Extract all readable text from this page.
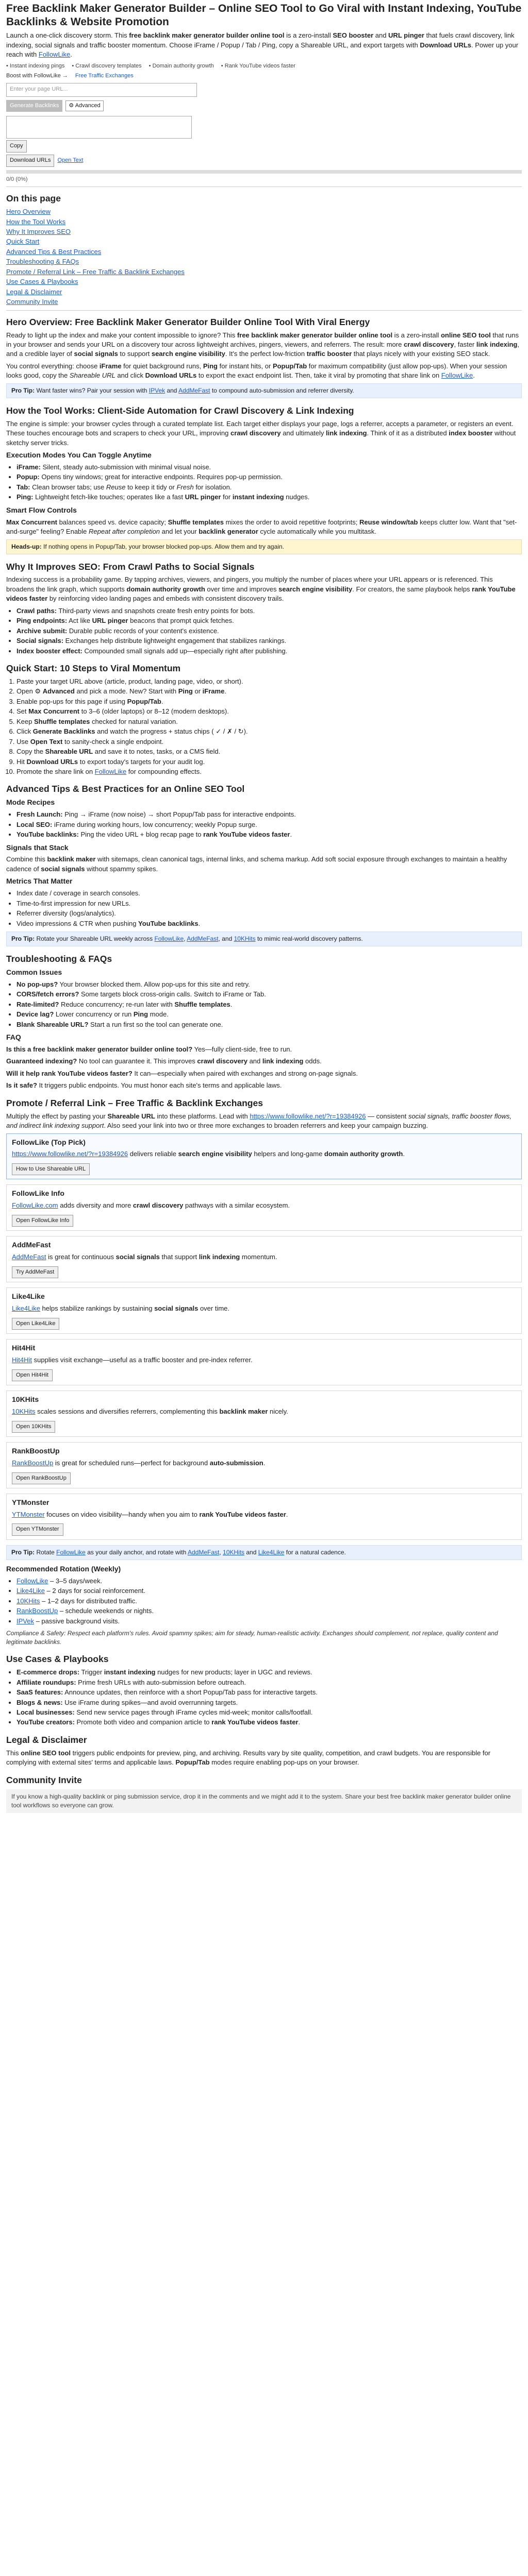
Free Backlink Maker Generator Builder – Online SEO Tool to Go Viral with Instant Indexing, YouTube Backlinks & Website Promotion

Launch a one-click discovery storm. This free backlink maker generator builder online tool is a zero-install SEO booster and URL pinger that fuels crawl discovery, link indexing, social signals and traffic booster momentum. Choose iFrame / Popup / Tab / Ping, copy a Shareable URL, and export targets with Download URLs. Power up your reach with FollowLike.

• Instant indexing pings • Crawl discovery templates • Domain authority growth • Rank YouTube videos faster
Boost with FollowLike → Free Traffic Exchanges
Enter your page URL...
Generate Backlinks	⚙ Advanced
Copy
Download URLs	Open Text
0/0 (0%)
On this page
Hero Overview
How the Tool Works
Why It Improves SEO
Quick Start
Advanced Tips & Best Practices
Troubleshooting & FAQs
Promote / Referral Link – Free Traffic & Backlink Exchanges
Use Cases & Playbooks
Legal & Disclaimer
Community Invite
Hero Overview: Free Backlink Maker Generator Builder Online Tool With Viral Energy

Ready to light up the index and make your content impossible to ignore? This free backlink maker generator builder online tool is a zero-install online SEO tool that runs in your browser and sends your URL on a discovery tour across lightweight archives, pingers, viewers, and referrers. The result: more crawl discovery, faster link indexing, and a credible layer of social signals to support search engine visibility. It's the perfect low-friction traffic booster that plays nicely with your existing SEO stack.

You control everything: choose iFrame for quiet background runs, Ping for instant hits, or Popup/Tab for maximum compatibility (just allow pop-ups). When your session looks good, copy the Shareable URL and click Download URLs to export the exact endpoint list. Then, take it viral by promoting that share link on FollowLike.

Pro Tip: Want faster wins? Pair your session with IPVek and AddMeFast to compound auto-submission and referrer diversity.
How the Tool Works: Client-Side Automation for Crawl Discovery & Link Indexing

The engine is simple: your browser cycles through a curated template list. Each target either displays your page, logs a referrer, accepts a parameter, or registers an event. These touches encourage bots and scrapers to check your URL, improving crawl discovery and ultimately link indexing. Think of it as a distributed index booster without sketchy server tricks.

Execution Modes You Can Toggle Anytime
• iFrame: Silent, steady auto-submission with minimal visual noise.
• Popup: Opens tiny windows; great for interactive endpoints. Requires pop-up permission.
• Tab: Clean browser tabs; use Reuse to keep it tidy or Fresh for isolation.
• Ping: Lightweight fetch-like touches; operates like a fast URL pinger for instant indexing nudges.
Smart Flow Controls

Max Concurrent balances speed vs. device capacity; Shuffle templates mixes the order to avoid repetitive footprints; Reuse window/tab keeps clutter low. Want that "set-and-surge" feeling? Enable Repeat after completion and let your backlink generator cycle automatically while you multitask.

Heads-up: If nothing opens in Popup/Tab, your browser blocked pop-ups. Allow them and try again.
Why It Improves SEO: From Crawl Paths to Social Signals

Indexing success is a probability game. By tapping archives, viewers, and pingers, you multiply the number of places where your URL appears or is referenced. This broadens the link graph, which supports domain authority growth over time and improves search engine visibility. For creators, the same playbook helps rank YouTube videos faster by reinforcing video landing pages and embeds with consistent discovery trails.

• Crawl paths: Third-party views and snapshots create fresh entry points for bots.
• Ping endpoints: Act like URL pinger beacons that prompt quick fetches.
• Archive submit: Durable public records of your content's existence.
• Social signals: Exchanges help distribute lightweight engagement that stabilizes rankings.
• Index booster effect: Compounded small signals add up—especially right after publishing.
Quick Start: 10 Steps to Viral Momentum
1. Paste your target URL above (article, product, landing page, video, or short).
2. Open ⚙ Advanced and pick a mode. New? Start with Ping or iFrame.
3. Enable pop-ups for this page if using Popup/Tab.
4. Set Max Concurrent to 3–6 (older laptops) or 8–12 (modern desktops).
5. Keep Shuffle templates checked for natural variation.
6. Click Generate Backlinks and watch the progress + status chips ( ✓ / ✗ / ↻).
7. Use Open Text to sanity-check a single endpoint.
8. Copy the Shareable URL and save it to notes, tasks, or a CMS field.
9. Hit Download URLs to export today's targets for your audit log.
10. Promote the share link on FollowLike for compounding effects.
Advanced Tips & Best Practices for an Online SEO Tool
Mode Recipes
• Fresh Launch: Ping → iFrame (now noise) → short Popup/Tab pass for interactive endpoints.
• Local SEO: iFrame during working hours, low concurrency; weekly Popup surge.
• YouTube backlinks: Ping the video URL + blog recap page to rank YouTube videos faster.
Signals that Stack

Combine this backlink maker with sitemaps, clean canonical tags, internal links, and schema markup. Add soft social exposure through exchanges to maintain a healthy cadence of social signals without spammy spikes.

Metrics That Matter
• Index date / coverage in search consoles.
• Time-to-first impression for new URLs.
• Referrer diversity (logs/analytics).
• Video impressions & CTR when pushing YouTube backlinks.
Pro Tip: Rotate your Shareable URL weekly across FollowLike, AddMeFast, and 10KHits to mimic real-world discovery patterns.
Troubleshooting & FAQs
Common Issues
• No pop-ups? Your browser blocked them. Allow pop-ups for this site and retry.
• CORS/fetch errors? Some targets block cross-origin calls. Switch to iFrame or Tab.
• Rate-limited? Reduce concurrency; re-run later with Shuffle templates.
• Device lag? Lower concurrency or run Ping mode.
• Blank Shareable URL? Start a run first so the tool can generate one.
FAQ

Is this a free backlink maker generator builder online tool? Yes—fully client-side, free to run.

Guaranteed indexing? No tool can guarantee it. This improves crawl discovery and link indexing odds.

Will it help rank YouTube videos faster? It can—especially when paired with exchanges and strong on-page signals.

Is it safe? It triggers public endpoints. You must honor each site's terms and applicable laws.

Promote / Referral Link – Free Traffic & Backlink Exchanges

Multiply the effect by pasting your Shareable URL into these platforms. Lead with https://www.followlike.net/?r=19384926 — consistent social signals, traffic booster flows, and indirect link indexing support. Also seed your link into two or three more exchanges to broaden referrers and keep your campaign buzzing.

FollowLike (Top Pick)

https://www.followlike.net/?r=19384926 delivers reliable search engine visibility helpers and long-game domain authority growth.

How to Use Shareable URL
FollowLike Info

FollowLike.com adds diversity and more crawl discovery pathways with a similar ecosystem.

Open FollowLike Info
AddMeFast

AddMeFast is great for continuous social signals that support link indexing momentum.

Try AddMeFast
Like4Like

Like4Like helps stabilize rankings by sustaining social signals over time.

Open Like4Like
Hit4Hit

Hit4Hit supplies visit exchange—useful as a traffic booster and pre-index referrer.

Open Hit4Hit
10KHits

10KHits scales sessions and diversifies referrers, complementing this backlink maker nicely.

Open 10KHits
RankBoostUp

RankBoostUp is great for scheduled runs—perfect for background auto-submission.

Open RankBoostUp
YTMonster

YTMonster focuses on video visibility—handy when you aim to rank YouTube videos faster.

Open YTMonster
Pro Tip: Rotate FollowLike as your daily anchor, and rotate with AddMeFast, 10KHits and Like4Like for a natural cadence.
Recommended Rotation (Weekly)
• FollowLike – 3–5 days/week.
• Like4Like – 2 days for social reinforcement.
• 10KHits – 1–2 days for distributed traffic.
• RankBoostUp – schedule weekends or nights.
• IPVek – passive background visits.

Compliance & Safety: Respect each platform's rules. Avoid spammy spikes; aim for steady, human-realistic activity. Exchanges should complement, not replace, quality content and legitimate backlinks.

Use Cases & Playbooks
• E-commerce drops: Trigger instant indexing nudges for new products; layer in UGC and reviews.
• Affiliate roundups: Prime fresh URLs with auto-submission before outreach.
• SaaS features: Announce updates, then reinforce with a short Popup/Tab pass for interactive targets.
• Blogs & news: Use iFrame during spikes—and avoid overrunning targets.
• Local businesses: Send new service pages through iFrame cycles mid-week; monitor calls/footfall.
• YouTube creators: Promote both video and companion article to rank YouTube videos faster.
Legal & Disclaimer

This online SEO tool triggers public endpoints for preview, ping, and archiving. Results vary by site quality, competition, and crawl budgets. You are responsible for complying with external sites' terms and applicable laws. Popup/Tab modes require enabling pop-ups on your browser.

Community Invite
If you know a high-quality backlink or ping submission service, drop it in the comments and we might add it to the system. Share your best free backlink maker generator builder online tool workflows so everyone can grow.
